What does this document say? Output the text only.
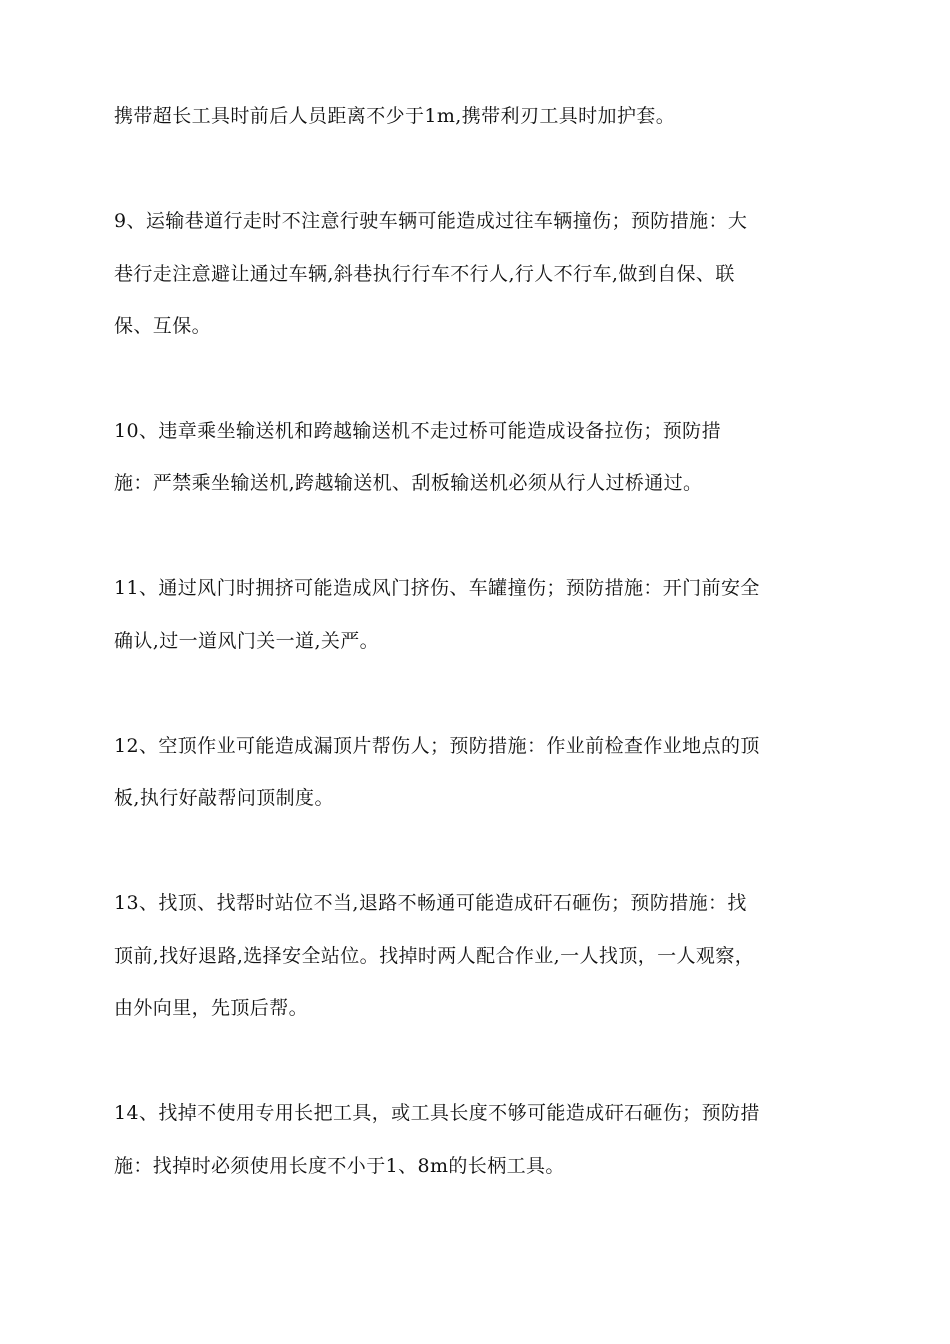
携带超长工具时前后人员距离不少于1m,携带利刃工具时加护套。
9、运输巷道行走时不注意行驶车辆可能造成过往车辆撞伤；预防措施：大
巷行走注意避让通过车辆,斜巷执行行车不行人,行人不行车,做到自保、联
保、互保。
10、违章乘坐输送机和跨越输送机不走过桥可能造成设备拉伤；预防措
施：严禁乘坐输送机,跨越输送机、刮板输送机必须从行人过桥通过。
11、通过风门时拥挤可能造成风门挤伤、车罐撞伤；预防措施：开门前安全
确认,过一道风门关一道,关严。
12、空顶作业可能造成漏顶片帮伤人；预防措施：作业前检查作业地点的顶
板,执行好敲帮问顶制度。
13、找顶、找帮时站位不当,退路不畅通可能造成矸石砸伤；预防措施：找
顶前,找好退路,选择安全站位。找掉时两人配合作业,一人找顶，一人观察，
由外向里，先顶后帮。
14、找掉不使用专用长把工具，或工具长度不够可能造成矸石砸伤；预防措
施：找掉时必须使用长度不小于1、8m的长柄工具。
